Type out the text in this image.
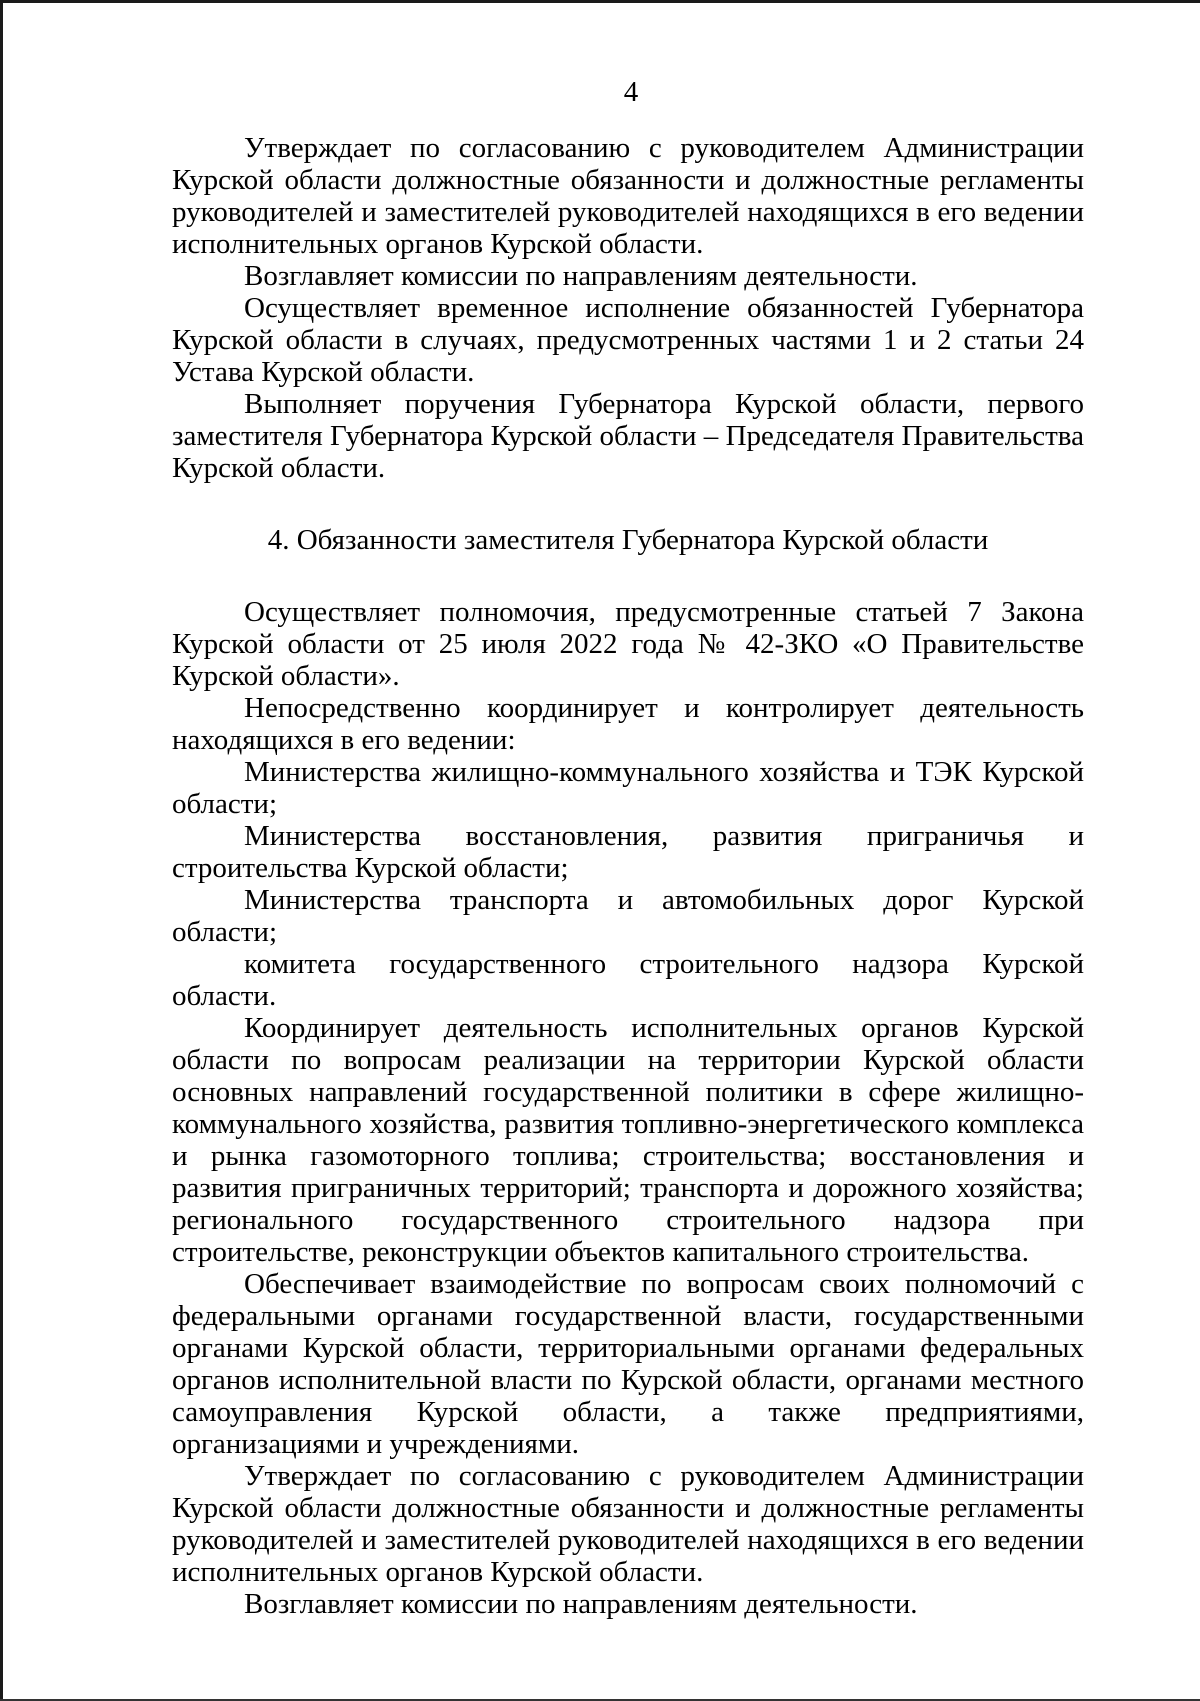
4

Утверждает по согласованию с руководителем Администрации Курской области должностные обязанности и должностные регламенты руководителей и заместителей руководителей находящихся в его ведении исполнительных органов Курской области.

Возглавляет комиссии по направлениям деятельности.

Осуществляет временное исполнение обязанностей Губернатора Курской области в случаях, предусмотренных частями 1 и 2 статьи 24 Устава Курской области.

Выполняет поручения Губернатора Курской области, первого заместителя Губернатора Курской области – Председателя Правительства Курской области.

4. Обязанности заместителя Губернатора Курской области

Осуществляет полномочия, предусмотренные статьей 7 Закона Курской области от 25 июля 2022 года № 42-ЗКО «О Правительстве Курской области».

Непосредственно координирует и контролирует деятельность находящихся в его ведении:

Министерства жилищно-коммунального хозяйства и ТЭК Курской области;

Министерства восстановления, развития приграничья и строительства Курской области;

Министерства транспорта и автомобильных дорог Курской области;

комитета государственного строительного надзора Курской области.

Координирует деятельность исполнительных органов Курской области по вопросам реализации на территории Курской области основных направлений государственной политики в сфере жилищно-коммунального хозяйства, развития топливно-энергетического комплекса и рынка газомоторного топлива; строительства; восстановления и развития приграничных территорий; транспорта и дорожного хозяйства; регионального государственного строительного надзора при строительстве, реконструкции объектов капитального строительства.

Обеспечивает взаимодействие по вопросам своих полномочий с федеральными органами государственной власти, государственными органами Курской области, территориальными органами федеральных органов исполнительной власти по Курской области, органами местного самоуправления Курской области, а также предприятиями, организациями и учреждениями.

Утверждает по согласованию с руководителем Администрации Курской области должностные обязанности и должностные регламенты руководителей и заместителей руководителей находящихся в его ведении исполнительных органов Курской области.

Возглавляет комиссии по направлениям деятельности.
